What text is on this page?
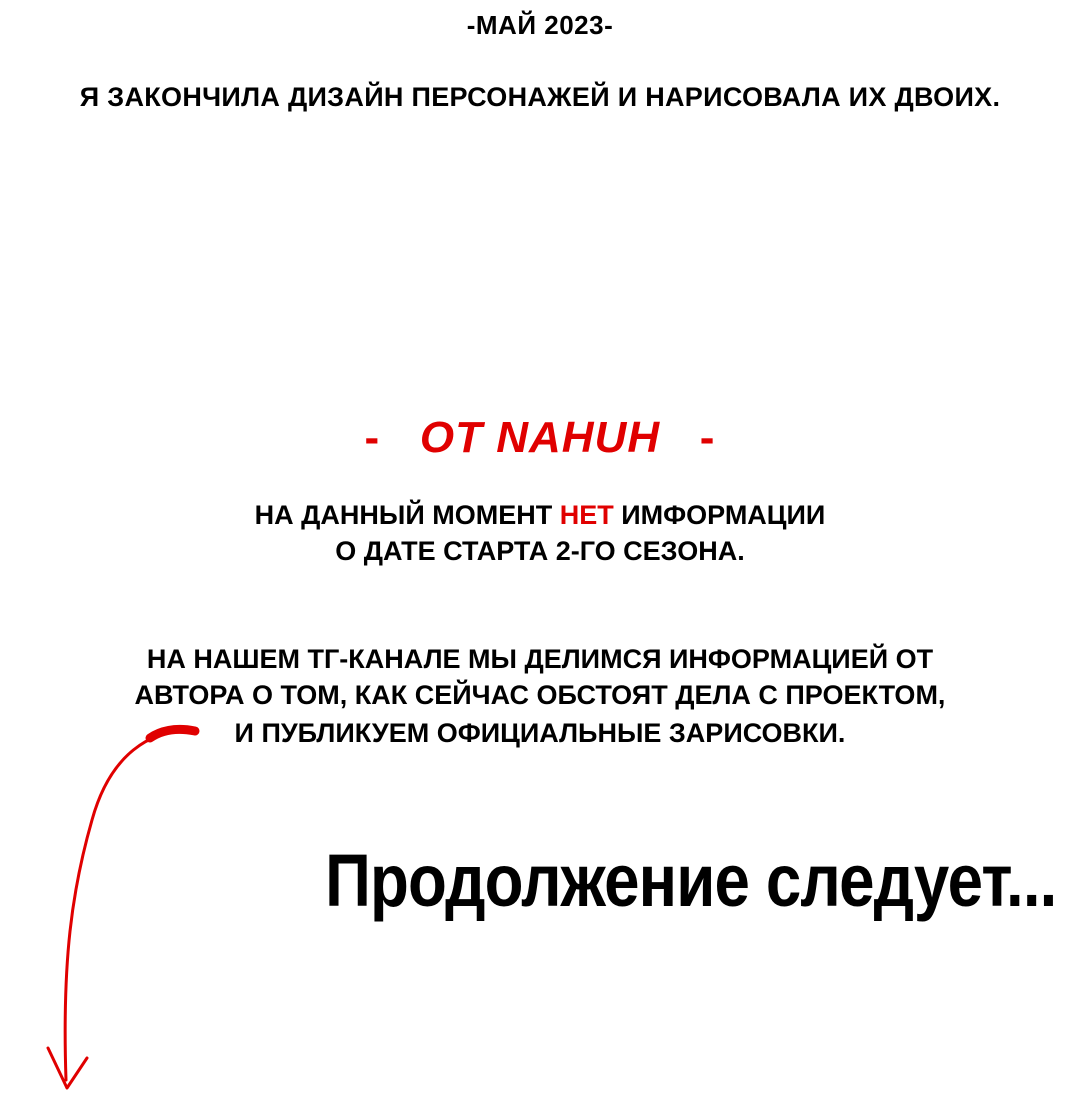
-МАЙ 2023-
Я ЗАКОНЧИЛА ДИЗАЙН ПЕРСОНАЖЕЙ И НАРИСОВАЛА ИХ ДВОИХ.
- ОТ NAHUH -
НА ДАННЫЙ МОМЕНТ НЕТ ИМФОРМАЦИИ
О ДАТЕ СТАРТА 2-ГО СЕЗОНА.
НА НАШЕМ ТГ-КАНАЛЕ МЫ ДЕЛИМСЯ ИНФОРМАЦИЕЙ ОТ
АВТОРА О ТОМ, КАК СЕЙЧАС ОБСТОЯТ ДЕЛА С ПРОЕКТОМ,
И ПУБЛИКУЕМ ОФИЦИАЛЬНЫЕ ЗАРИСОВКИ.
Продолжение следует...
